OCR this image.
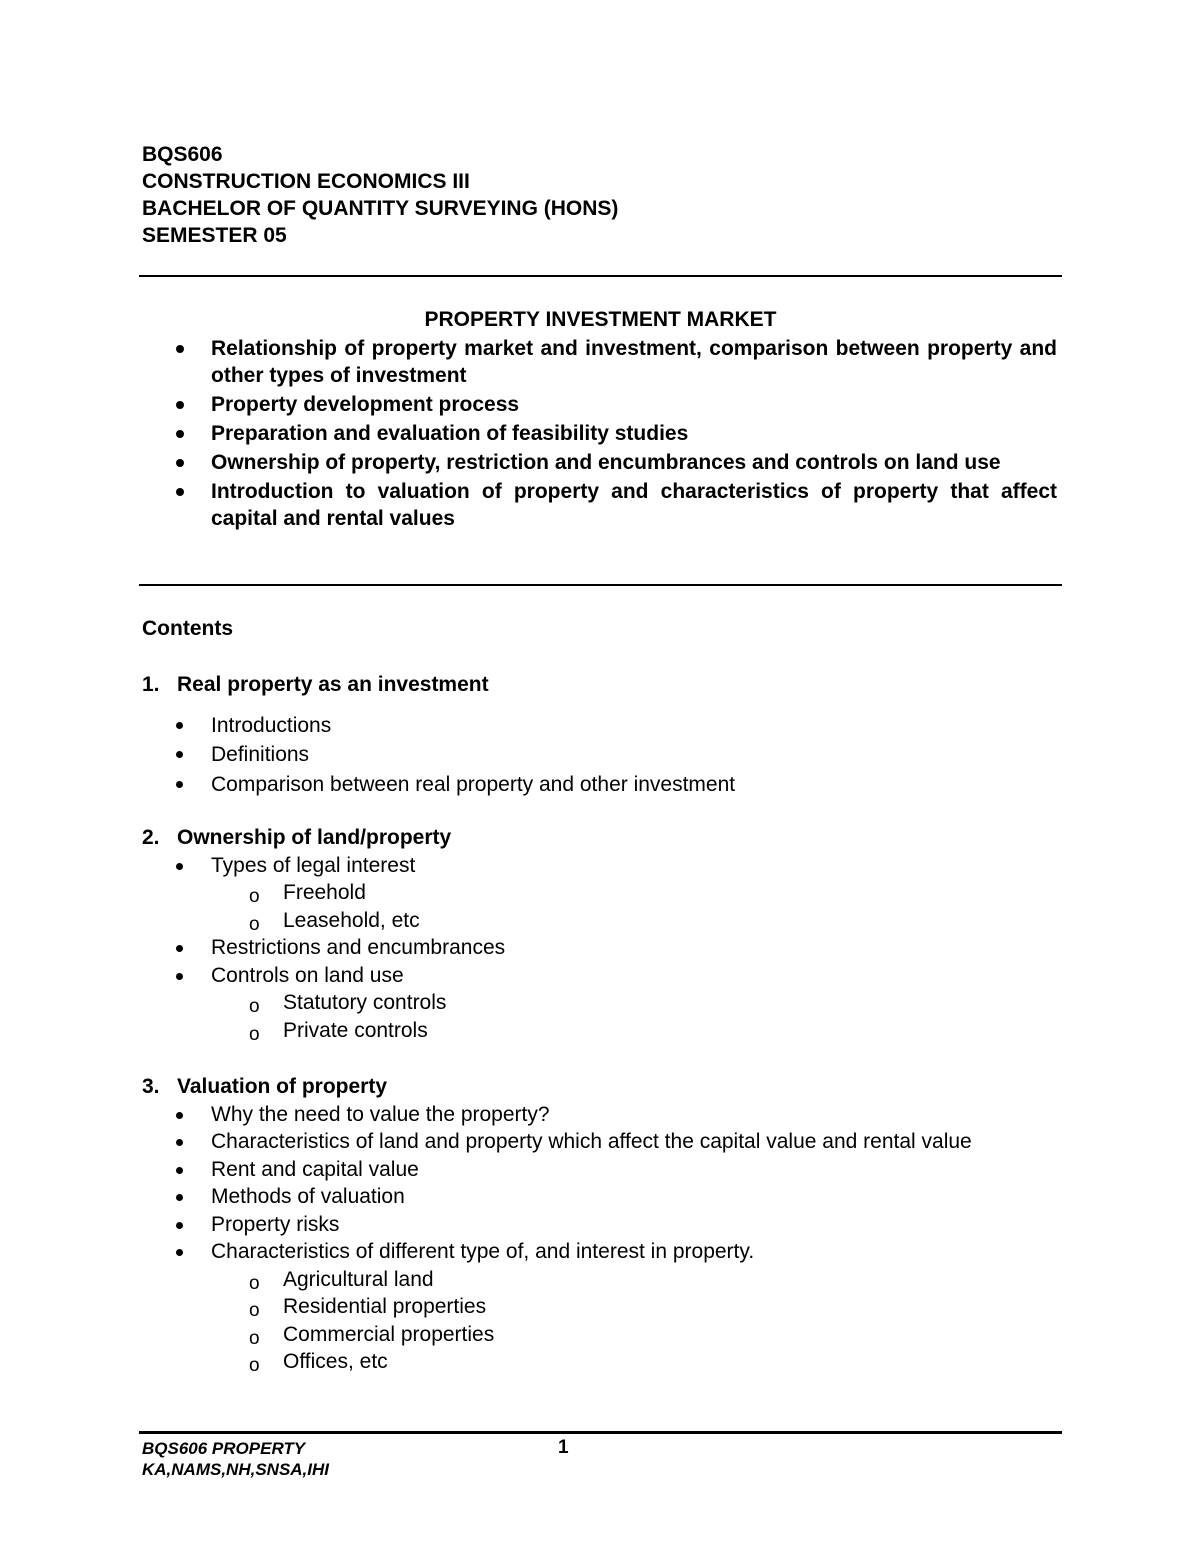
BQS606
CONSTRUCTION ECONOMICS III
BACHELOR OF QUANTITY SURVEYING (HONS)
SEMESTER 05
PROPERTY INVESTMENT MARKET
Relationship of property market and investment, comparison between property and other types of investment
Property development process
Preparation and evaluation of feasibility studies
Ownership of property, restriction and encumbrances and controls on land use
Introduction to valuation of property and characteristics of property that affect capital and rental values
Contents
1. Real property as an investment
Introductions
Definitions
Comparison between real property and other investment
2. Ownership of land/property
Types of legal interest
o Freehold
o Leasehold, etc
Restrictions and encumbrances
Controls on land use
o Statutory controls
o Private controls
3. Valuation of property
Why the need to value the property?
Characteristics of land and property which affect the capital value and rental value
Rent and capital value
Methods of valuation
Property risks
Characteristics of different type of, and interest in property.
o Agricultural land
o Residential properties
o Commercial properties
o Offices, etc
BQS606 PROPERTY
KA,NAMS,NH,SNSA,IHI
1
